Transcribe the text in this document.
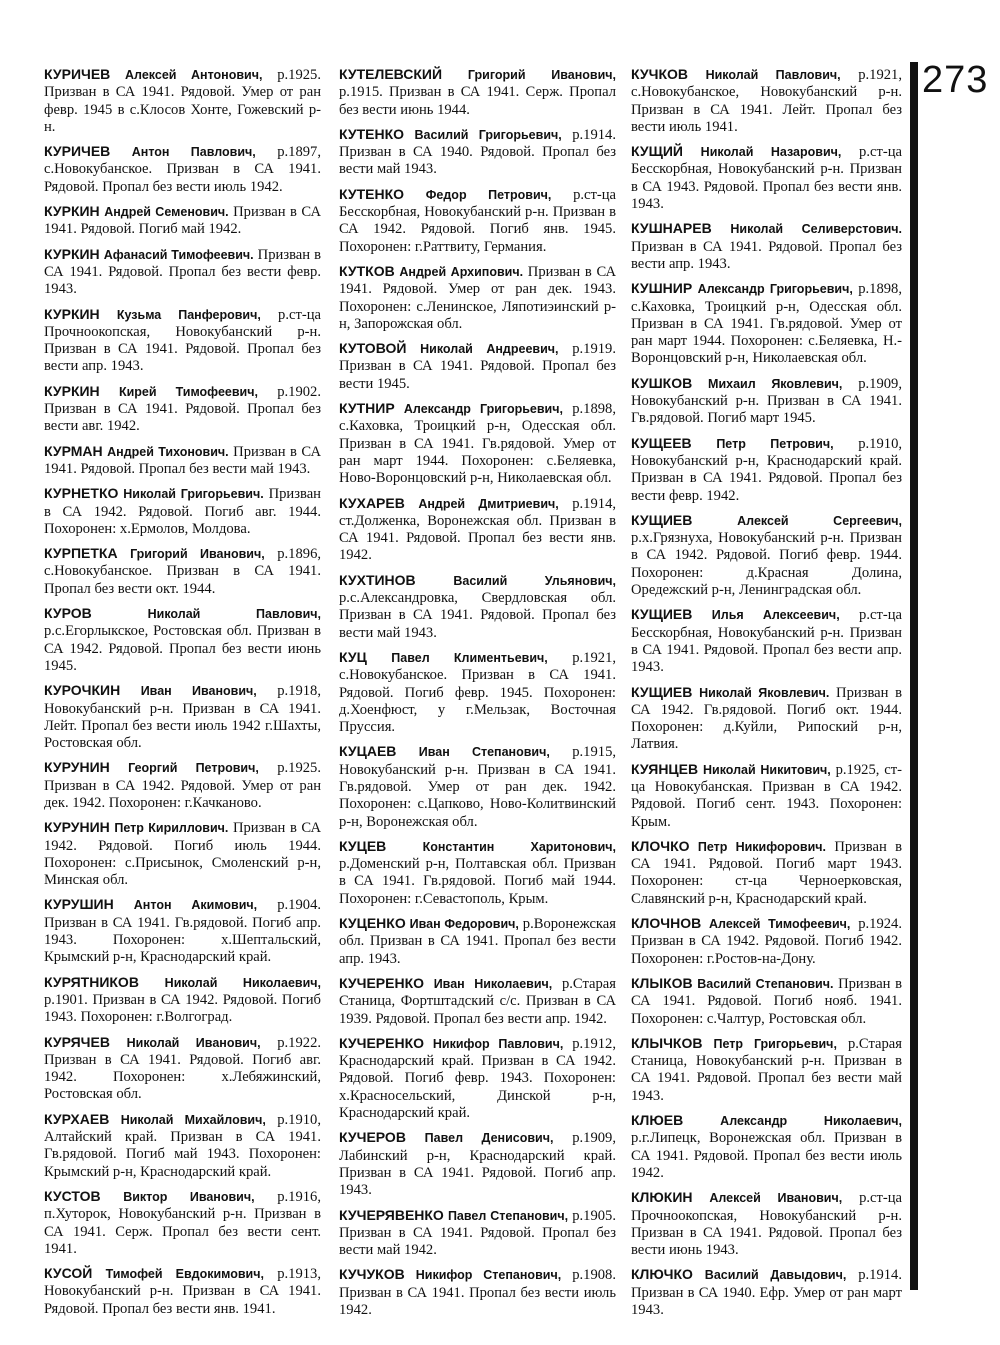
273

КУРИЧЕВ Алексей Антонович, р.1925. Призван в СА 1941. Рядовой. Умер от ран февр. 1945 в с.Клосов Хонте, Гожевский р-н.

КУРИЧЕВ Антон Павлович, р.1897, с.Новокубанское. Призван в СА 1941. Рядовой. Пропал без вести июль 1942.

КУРКИН Андрей Семенович. Призван в СА 1941. Рядовой. Погиб май 1942.

КУРКИН Афанасий Тимофеевич. Призван в СА 1941. Рядовой. Пропал без вести февр. 1943.

КУРКИН Кузьма Панферович, р.ст-ца Прочноокопская, Новокубанский р-н. Призван в СА 1941. Рядовой. Пропал без вести апр. 1943.

КУРКИН Кирей Тимофеевич, р.1902. Призван в СА 1941. Рядовой. Пропал без вести авг. 1942.

КУРМАН Андрей Тихонович. Призван в СА 1941. Рядовой. Пропал без вести май 1943.

КУРНЕТКО Николай Григорьевич. Призван в СА 1942. Рядовой. Погиб авг. 1944. Похоронен: х.Ермолов, Молдова.

КУРПЕТКА Григорий Иванович, р.1896, с.Новокубанское. Призван в СА 1941. Пропал без вести окт. 1944.

КУРОВ	Николай Павлович, р.с.Егорлыкское, Ростовская обл. Призван в СА 1942. Рядовой. Пропал без вести июнь 1945.

КУРОЧКИН Иван Иванович, р.1918, Новокубанский р-н. Призван в СА 1941. Лейт. Пропал без вести июль 1942 г.Шахты, Ростовская обл.

КУРУНИН Георгий Петрович, р.1925. Призван в СА 1942. Рядовой. Умер от ран дек. 1942. Похоронен: г.Качканово.

КУРУНИН Петр Кириллович. Призван в СА 1942. Рядовой. Погиб июль 1944. Похоронен: с.Присынок, Смоленский р-н, Минская обл.

КУРУШИН Антон Акимович, р.1904. Призван в СА 1941. Гв.рядовой. Погиб апр. 1943. Похоронен: х.Шептальский, Крымский р-н, Краснодарский край.

КУРЯТНИКОВ Николай Николаевич, р.1901. Призван в СА 1942. Рядовой. Погиб 1943. Похоронен: г.Волгоград.

КУРЯЧЕВ Николай Иванович, р.1922. Призван в СА 1941. Рядовой. Погиб авг. 1942. Похоронен: х.Лебяжинский, Ростовская обл.

КУРХАЕВ Николай Михайлович, р.1910, Алтайский край. Призван в СА 1941. Гв.рядовой. Погиб май 1943. Похоронен: Крымский р-н, Краснодарский край.

КУСТОВ Виктор Иванович, р.1916, п.Хуторок, Новокубанский р-н. Призван в СА 1941. Серж. Пропал без вести сент. 1941.

КУСОЙ Тимофей Евдокимович, р.1913, Новокубанский р-н. Призван в СА 1941. Рядовой. Пропал без вести янв. 1941.

КУТЕЛЕВСКИЙ Григорий Иванович, р.1915. Призван в СА 1941. Серж. Пропал без вести июнь 1944.

КУТЕНКО Василий Григорьевич, р.1914. Призван в СА 1940. Рядовой. Пропал без вести май 1943.

КУТЕНКО Федор Петрович, р.ст-ца Бесскорбная, Новокубанский р-н. Призван в СА 1942. Рядовой. Погиб янв. 1945. Похоронен: г.Раттвиту, Германия.

КУТКОВ Андрей Архипович. Призван в СА 1941. Рядовой. Умер от ран дек. 1943. Похоронен: с.Ленинское, Ляпотиэинский р-н, Запорожская обл.

КУТОВОЙ Николай Андреевич, р.1919. Призван в СА 1941. Рядовой. Пропал без вести 1945.

КУТНИР Александр Григорьевич, р.1898, с.Каховка, Троицкий р-н, Одесская обл. Призван в СА 1941. Гв.рядовой. Умер от ран март 1944. Похоронен: с.Беляевка, Ново-Воронцовский р-н, Николаевская обл.

КУХАРЕВ Андрей Дмитриевич, р.1914, ст.Долженка, Воронежская обл. Призван в СА 1941. Рядовой. Пропал без вести янв. 1942.

КУХТИНОВ	Василий Ульянович, р.с.Александровка, Свердловская обл. Призван в СА 1941. Рядовой. Пропал без вести май 1943.

КУЦ Павел Климентьевич, р.1921, с.Новокубанское. Призван в СА 1941. Рядовой. Погиб февр. 1945. Похоронен: д.Хоенфюст, у г.Мельзак, Восточная Пруссия.

КУЦАЕВ Иван Степанович, р.1915, Новокубанский р-н. Призван в СА 1941. Гв.рядовой. Умер от ран дек. 1942. Похоронен: с.Цапково, Ново-Колитвинский р-н, Воронежская обл.

КУЦЕВ	Константин Харитонович, р.Доменский р-н, Полтавская обл. Призван в СА 1941. Гв.рядовой. Погиб май 1944. Похоронен: г.Севастополь, Крым.

КУЦЕНКО Иван Федорович, р.Воронежская обл. Призван в СА 1941. Пропал без вести апр. 1943.

КУЧЕРЕНКО Иван Николаевич, р.Старая Станица, Фортштадский с/с. Призван в СА 1939. Рядовой. Пропал без вести апр. 1942.

КУЧЕРЕНКО Никифор Павлович, р.1912, Краснодарский край. Призван в СА 1942. Рядовой. Погиб февр. 1943. Похоронен: х.Красносельский, Динской р-н, Краснодарский край.

КУЧЕРОВ Павел Денисович, р.1909, Лабинский р-н, Краснодарский край. Призван в СА 1941. Рядовой. Погиб апр. 1943.

КУЧЕРЯВЕНКО Павел Степанович, р.1905. Призван в СА 1941. Рядовой. Пропал без вести май 1942.

КУЧУКОВ Никифор Степанович, р.1908. Призван в СА 1941. Пропал без вести июль 1942.

КУЧКОВ Николай Павлович, р.1921, с.Новокубанское, Новокубанский р-н. Призван в СА 1941. Лейт. Пропал без вести июль 1941.

КУЩИЙ Николай Назарович, р.ст-ца Бесскорбная, Новокубанский р-н. Призван в СА 1943. Рядовой. Пропал без вести янв. 1943.

КУШНАРЕВ Николай Селиверстович. Призван в СА 1941. Рядовой. Пропал без вести апр. 1943.

КУШНИР Александр Григорьевич, р.1898, с.Каховка, Троицкий р-н, Одесская обл. Призван в СА 1941. Гв.рядовой. Умер от ран март 1944. Похоронен: с.Беляевка, Н.-Воронцовский р-н, Николаевская обл.

КУШКОВ Михаил Яковлевич, р.1909, Новокубанский р-н. Призван в СА 1941. Гв.рядовой. Погиб март 1945.

КУЩЕЕВ Петр Петрович, р.1910, Новокубанский р-н, Краснодарский край. Призван в СА 1941. Рядовой. Пропал без вести февр. 1942.

КУЩИЕВ	Алексей Сергеевич, р.х.Грязнуха, Новокубанский р-н. Призван в СА 1942. Рядовой. Погиб февр. 1944. Похоронен: д.Красная Долина, Оредежский р-н, Ленинградская обл.

КУЩИЕВ Илья Алексеевич, р.ст-ца Бесскорбная, Новокубанский р-н. Призван в СА 1941. Рядовой. Пропал без вести апр. 1943.

КУЩИЕВ Николай Яковлевич. Призван в СА 1942. Гв.рядовой. Погиб окт. 1944. Похоронен: д.Куйли, Рипоский р-н, Латвия.

КУЯНЦЕВ Николай Никитович, р.1925, ст-ца Новокубанская. Призван в СА 1942. Рядовой. Погиб сент. 1943. Похоронен: Крым.

КЛОЧКО Петр Никифорович. Призван в СА 1941. Рядовой. Погиб март 1943. Похоронен: ст-ца Черноерковская, Славянский р-н, Краснодарский край.

КЛОЧНОВ Алексей Тимофеевич, р.1924. Призван в СА 1942. Рядовой. Погиб 1942. Похоронен: г.Ростов-на-Дону.

КЛЫКОВ Василий Степанович. Призван в СА 1941. Рядовой. Погиб нояб. 1941. Похоронен: с.Чалтур, Ростовская обл.

КЛЫЧКОВ Петр Григорьевич, р.Старая Станица, Новокубанский р-н. Призван в СА 1941. Рядовой. Пропал без вести май 1943.

КЛЮЕВ	Александр Николаевич, р.г.Липецк, Воронежская обл. Призван в СА 1941. Рядовой. Пропал без вести июль 1942.

КЛЮКИН Алексей Иванович, р.ст-ца Прочноокопская, Новокубанский р-н. Призван в СА 1941. Рядовой. Пропал без вести июнь 1943.

КЛЮЧКО Василий Давыдович, р.1914. Призван в СА 1940. Ефр. Умер от ран март 1943.
